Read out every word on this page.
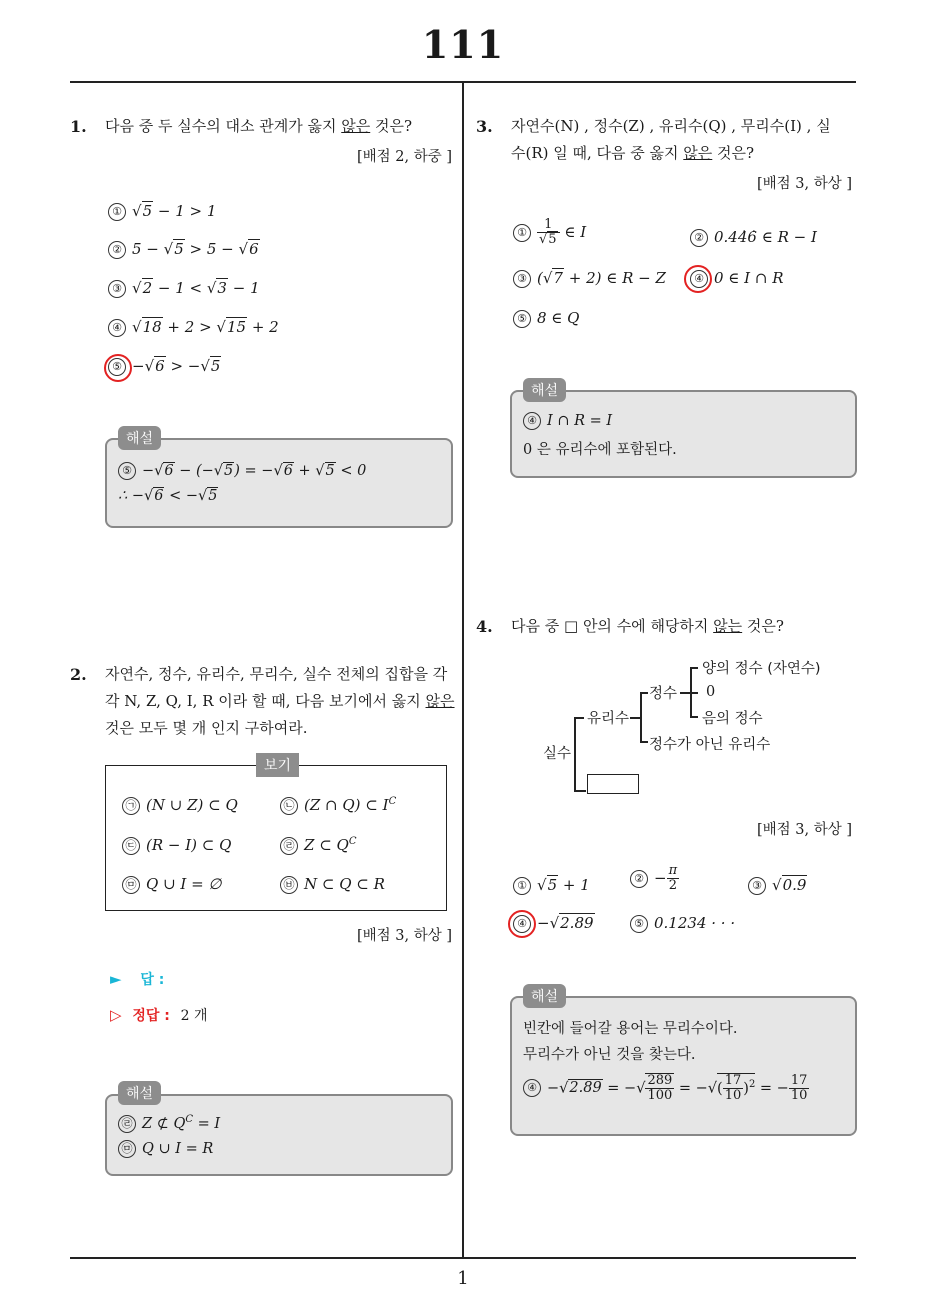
111
1
1. 다음 중 두 실수의 대소 관계가 옳지 않은 것은?
[배점 2, 하중 ]
① √5 − 1 > 1
② 5 − √5 > 5 − √6
③ √2 − 1 < √3 − 1
④ √18 + 2 > √15 + 2
⑤ −√6 > −√5
해설
⑤ −√6 − (−√5) = −√6 + √5 < 0
∴ −√6 < −√5
2. 자연수, 정수, 유리수, 무리수, 실수 전체의 집합을 각
각 N, Z, Q, I, R 이라 할 때, 다음 보기에서 옳지 않은
것은 모두 몇 개 인지 구하여라.
보기
㉠ (N ∪ Z) ⊂ Q	㉡ (Z ∩ Q) ⊂ $I^C$
㉢ (R − I) ⊂ Q	㉣ Z ⊂ $Q^C$
㉤ Q ∪ I = ∅	㉥ N ⊂ Q ⊂ R
[배점 3, 하상 ]
► 답 :
▷ 정답 : 2 개
해설
㉣ Z ⊄ $Q^C = I$
㉤ Q ∪ I = R
3. 자연수(N) , 정수(Z) , 유리수(Q) , 무리수(I) , 실
수(R) 일 때, 다음 중 옳지 않은 것은?
[배점 3, 하상 ]
① $\frac{1}{√5}$ ∈ I	② 0.44̇6̇ ∈ R − I
③ (√7 + 2) ∈ R − Z	④ 0 ∈ I ∩ R
⑤ 8 ∈ Q
해설
④ I ∩ R = I
0 은 유리수에 포함된다.
4. 다음 중 □ 안의 수에 해당하지 않는 것은?
실수
유리수
정수
정수가 아닌 유리수
양의 정수 (자연수)
0
음의 정수
[배점 3, 하상 ]
① √5 + 1	② − $\frac{\pi}{2}$	③ √0.9
④ −√2.89	⑤ 0.1234 · · ·
해설
빈칸에 들어갈 용어는 무리수이다.
무리수가 아닌 것을 찾는다.
④ −√2.89 = −√ $\frac{289}{100}$ = −√( $\frac{17}{10} )^2$ = − $\frac{17}{10}$
